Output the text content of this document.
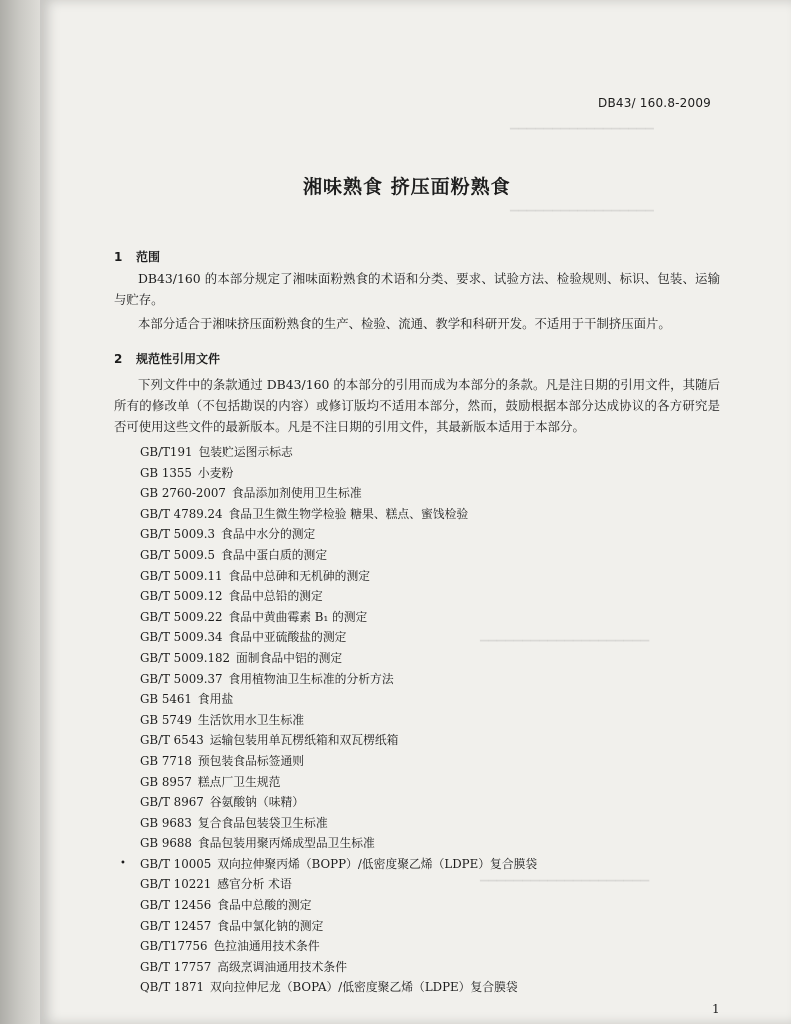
▔▔▔▔▔▔▔▔▔▔▔▔▔▔▔▔▔
▔▔▔▔▔▔▔▔▔▔▔▔▔▔▔▔▔
▔▔▔▔▔▔▔▔▔▔▔▔▔▔▔▔▔▔▔▔
▔▔▔▔▔▔▔▔▔▔▔▔▔▔▔▔▔▔▔▔
DB43/ 160.8-2009
湘味熟食 挤压面粉熟食
1 范围

DB43/160 的本部分规定了湘味面粉熟食的术语和分类、要求、试验方法、检验规则、标识、包装、运输与贮存。

本部分适合于湘味挤压面粉熟食的生产、检验、流通、教学和科研开发。不适用于干制挤压面片。

2 规范性引用文件

下列文件中的条款通过 DB43/160 的本部分的引用而成为本部分的条款。凡是注日期的引用文件，其随后所有的修改单（不包括勘误的内容）或修订版均不适用本部分，然而，鼓励根据本部分达成协议的各方研究是否可使用这些文件的最新版本。凡是不注日期的引用文件，其最新版本适用于本部分。

GB/T191 包装贮运图示标志
GB 1355 小麦粉
GB 2760-2007 食品添加剂使用卫生标准
GB/T 4789.24 食品卫生微生物学检验 糖果、糕点、蜜饯检验
GB/T 5009.3 食品中水分的测定
GB/T 5009.5 食品中蛋白质的测定
GB/T 5009.11 食品中总砷和无机砷的测定
GB/T 5009.12 食品中总铅的测定
GB/T 5009.22 食品中黄曲霉素 B₁ 的测定
GB/T 5009.34 食品中亚硫酸盐的测定
GB/T 5009.182 面制食品中铝的测定
GB/T 5009.37 食用植物油卫生标准的分析方法
GB 5461 食用盐
GB 5749 生活饮用水卫生标准
GB/T 6543 运输包装用单瓦楞纸箱和双瓦楞纸箱
GB 7718 预包装食品标签通则
GB 8957 糕点厂卫生规范
GB/T 8967 谷氨酸钠（味精）
GB 9683 复合食品包装袋卫生标准
GB 9688 食品包装用聚丙烯成型品卫生标准
GB/T 10005 双向拉伸聚丙烯（BOPP）/低密度聚乙烯（LDPE）复合膜袋
GB/T 10221 感官分析 术语
GB/T 12456 食品中总酸的测定
GB/T 12457 食品中氯化钠的测定
GB/T17756 色拉油通用技术条件
GB/T 17757 高级烹调油通用技术条件
QB/T 1871 双向拉伸尼龙（BOPA）/低密度聚乙烯（LDPE）复合膜袋
•
1
